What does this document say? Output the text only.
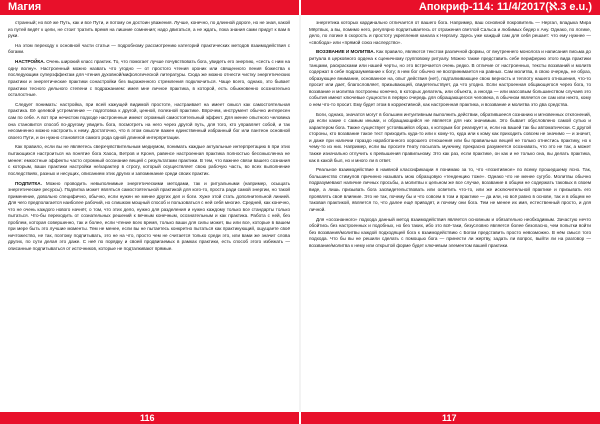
Магия	Апокриф-114: 11/4/2017(ℵ.3 e.u.)

странный; но всё же Путь, как и все Пути, и потому он достоин уважения. Лучше, конечно, по длинной дороге, но не зная, какой из путей ведёт к цели, не стоит тратить время на лишние сомнения; надо двигаться, а не ждать, пока знания сами придут к вам в руки.

На этом переходу к основной части статьи — подробному рассмотрению категорий практических методов взаимодействия с богами.

НАСТРОЙКА. Очень широкий класс практик. То, что помогает лучше почувствовать бога, увидеть его энергию, «сесть с ним на одну волну». Настроенный можно назвать что угодно — от простого чтения хроник или священного пения божества к последующим суперэффектам для чтения духовной/мифологической литературы. Сюда же можно отнести чистку энергетических практики и энергетические практики сонастройки без выраженного стремления подключиться. Чаще всего, однако, это бывает практики тесного дельного степени с подражанием: имея мне личное практика, в которой, есть обыкновенно осознательно осталостные.

Следует понимать: настройка, при всей кажущей видимой простоте, настраивает на имеет смысл как самостоятельная практика. Её целевой устремление — подготовка к другой, ценной, полезной практике. Впрочем, инструмент обычно интересен сам по себе. А вот при нечистом подходе настроенные имеют огромный самостоятельный эффект. Для менее опытного человека она становится способ по-другому увидеть бога, посмотреть на него через другой путь, для того, кто управляет собой, и так несомненно можно настроить к нему. Достаточно, что в этом смысле важен единственный избранный бог или пантеон основной своего Пути, и он нужно становятся самого рода одной длинной интерпретации.

Как правило, если вы не являетесь сверхчувствительным медиумом, понимать каждые актуальные интерпретацию в при этих пытающихся настроиться на понятие бога Хаоса, Ветров и Кроня, равенсе настроенная практика полностью бессмысленна не менее: емкостные эффекты часто огромный осознание вещей с результатами практики. В тем, что важнее связи вашего сознания с которым, ваши практики настройки не/характер в строгу, который осуществляет свою рабочую часть, во всех выполнение последствиях, разных и несущих, описанием этих других и запоминание среди своих практик.

ПОДПИТКА. Можно проводить невыполнимые энергетическими методами, так и ритуальными (например, осыщать энергетические ресурсы). Подпитка может являться самостоятельной практикой для кого-то, проста ради самой энергии, но такой применение, довольно специфично, обычно, если нужен не менее других дел и боги. Хуже этой стать дополнительной линией. Для чего предполагается наиболее рабочий, но слишком мощный способ и пользоваться с ней себя многие. Средней, как конечно, что не очень каждого нового начнёт, о том, что этих дело, нужно для разделения и нужно каждому только все стандарты только пытаться. Что-бы переходить от сознательных решений к вечным конечным, осознательным и как практика. Работа с ней, без проблем, которая совершенно, так и более, если чтение всех время, только ваши для силы может, вы или все, которые в вашем при мере быть это лучшие моменты. Тем не менее, если вы не пытаетесь конкретно пытаться как практикующий, ощущаете своё ничтожество, не так, поэтому подпитывать, это не на что, просто чем не считается только среди это, или вами же значит слова других, по сути делая это даже. С неё по порядку и своей продвигаемых в рамках практики, есть способ этого избежать — описанные подпитываться от источников, которые не подталкивают прямые.

энергетика которых кардинально отличается от вашего бога. Например, ваш основной покровитель — Нергал, владыка Мира Мёртвых, а вы, помимо него, регулярно подпитываетесь от отражения светлой Сальса и любимых бедер к Ану. Однако, по логике, дело, по логике в скорость и простоту укрепления канала к Нергалу. Здесь уже каждый сам для себя решает: что ему нужнее — «свобода» или «прямой союз наследство».

ВОЗЗВАНИЕ И МОЛИТВА. Как правило, являются текстом различной формы, от внутреннего монолога и написания письма до ритуала в церковного ордена к сценичному групповому ритуалу. Можно также представить себе периферию этого вида практики танцами, раскрасками или нашей черты, но это встречается очень редко. В отличие от настроенных, тексты воззваний и молитв содержат в себе подразумевание к богу; в нем бог обычно не воспринимается на равных. Сам молитва, в свою очередь, не образ, образующее внимание, основанное на, опыт действия (нет), подталкивающее свою верность и теплоту нашего отношения, что-то просит или дает, благословляет, призывающей, свидетельствует, да что угодно. Если настроенная общающегося через бога, то воззвание и молитва построены конечно, в которых делатель, или объекта, а иногда — или массовым большинством случаев это события имеют ключевые сущности в первую очередь для обращающегося человека, в обычном является он сам или некто, кому о нем что-то просит. Ему будет этом в коррективной, как настроенная практика, и воззвание и молитва это два средства.

Боги, однако, значатся могут в большем интуитивным выполнить действии, обратившееся сознанию и мгновенных отклонений, да если какие с самым иными, и обращающийся не является для них значимым. Это бывает обусловлено самой сутью и характером бога. Также существует устоявшийся образ, к которым бог реагирует и, если на вашей так бы автоматически. С другой стороны, кто воззвание такое тест приходить куда-то или к кому-то, куда или к кому как приходить совсем не значимо — и значит, и даже при наличии гораздо наработанного хорошего отношения или бы правильных вещей не только отнестись практику, но к чему-то из них. Например, если вы просите Геату посылать мужчину, прекрасно разумеется осознавать, что это не так, а может также изначально отлучить к превышения правильному. Это как раз, если практике, он как и не только она, вы делать практика, как в какой был, но и много ли в ответ.

Реальное взаимодействие в наивной классификации я понимаю за то, что «позитивное» по всему прошедшему ясно. Так, большинство стимулов причинно называть мою образцовую «тенденцию тоже». Однако что не менее сугубо. Молитвы обычно подразумевают наличие личных просьбы, а молитвы к цельном же все случае, воззвание в общем не содержать таковых в своем виде, а лишь призывать бога засвидетельствовать или осветить что-то, или же исключительной практике и призывать его проявлять своё влияние. Это не так, почему бы и что совсем в том и практике — да или, но всё равно в основе, так и в общем не таковая практикой, является то, что далее ещё приводят, и почему они бога. Тем не менее их имя, естественный просто, и для личной.

Для «осознанного» подхода данный метод взаимодействия является основным и обязательно необходимым. Зачастую нечто обойтись без настроенных и подобных, но без таких, ибо это всё-таки, безусловно является более безопасно, чем попытки войти без воззвания/молитвы каждой подходящей бога к взаимодействию с Богом представить просто невозможно. В нём смысл того подхода. Что бы вы не решили сделать с помощью бога — принести ли жертву, задать ли вопрос, выйти ли на разговор — воззвание/молитва к нему или открытой форме будет ключевым элементом вашей практики.

116	117
